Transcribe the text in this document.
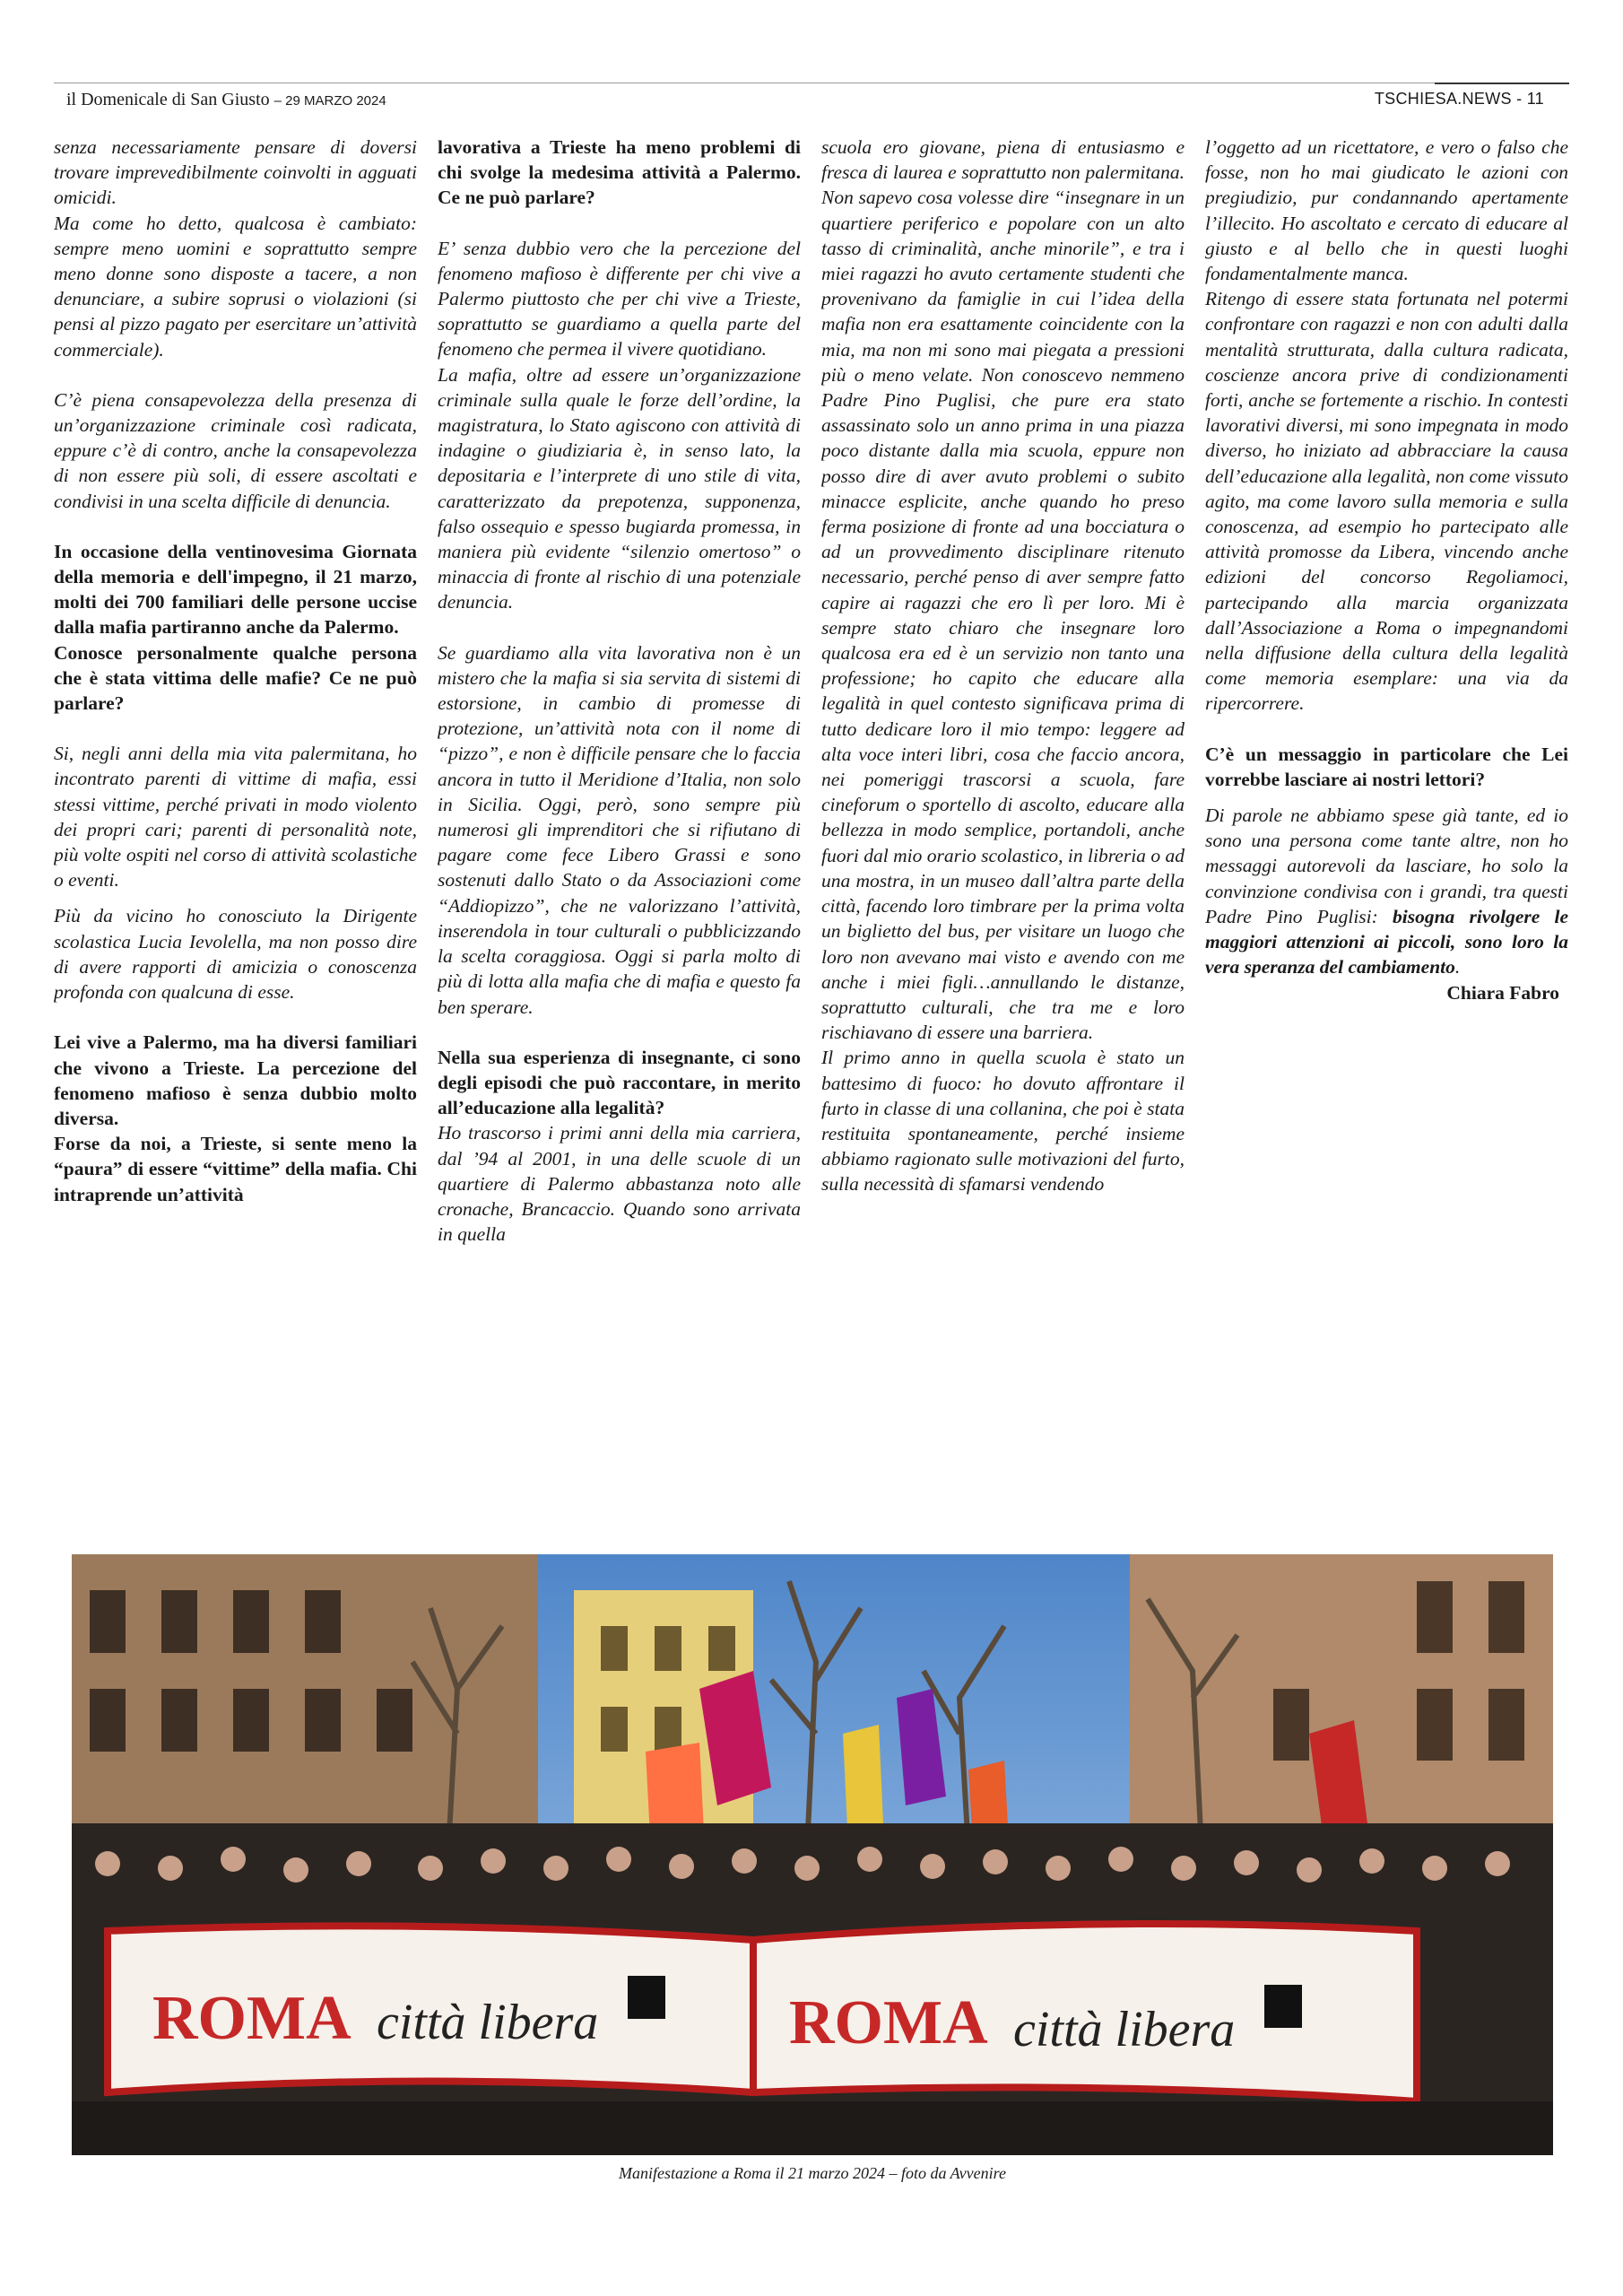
il Domenicale di San Giusto – 29 MARZO 2024	TSCHIESA.NEWS - 11

senza necessariamente pensare di doversi trovare imprevedibilmente coinvolti in agguati omicidi.

Ma come ho detto, qualcosa è cambiato: sempre meno uomini e soprattutto sempre meno donne sono disposte a tacere, a non denunciare, a subire soprusi o violazioni (si pensi al pizzo pagato per esercitare un’attività commerciale).

C’è piena consapevolezza della presenza di un’organizzazione criminale così radicata, eppure c’è di contro, anche la consapevolezza di non essere più soli, di essere ascoltati e condivisi in una scelta difficile di denuncia.

In occasione della ventinovesima Giornata della memoria e dell'impegno, il 21 marzo, molti dei 700 familiari delle persone uccise dalla mafia partiranno anche da Palermo.

Conosce personalmente qualche persona che è stata vittima delle mafie? Ce ne può parlare?

Si, negli anni della mia vita palermitana, ho incontrato parenti di vittime di mafia, essi stessi vittime, perché privati in modo violento dei propri cari; parenti di personalità note, più volte ospiti nel corso di attività scolastiche o eventi.

Più da vicino ho conosciuto la Dirigente scolastica Lucia Ievolella, ma non posso dire di avere rapporti di amicizia o conoscenza profonda con qualcuna di esse.

Lei vive a Palermo, ma ha diversi familiari che vivono a Trieste. La percezione del fenomeno mafioso è senza dubbio molto diversa.

Forse da noi, a Trieste, si sente meno la “paura” di essere “vittime” della mafia. Chi intraprende un’attività

lavorativa a Trieste ha meno problemi di chi svolge la medesima attività a Palermo. Ce ne può parlare?

E’ senza dubbio vero che la percezione del fenomeno mafioso è differente per chi vive a Palermo piuttosto che per chi vive a Trieste, soprattutto se guardiamo a quella parte del fenomeno che permea il vivere quotidiano.

La mafia, oltre ad essere un’organizzazione criminale sulla quale le forze dell’ordine, la magistratura, lo Stato agiscono con attività di indagine o giudiziaria è, in senso lato, la depositaria e l’interprete di uno stile di vita, caratterizzato da prepotenza, supponenza, falso ossequio e spesso bugiarda promessa, in maniera più evidente “silenzio omertoso” o minaccia di fronte al rischio di una potenziale denuncia.

Se guardiamo alla vita lavorativa non è un mistero che la mafia si sia servita di sistemi di estorsione, in cambio di promesse di protezione, un’attività nota con il nome di “pizzo”, e non è difficile pensare che lo faccia ancora in tutto il Meridione d’Italia, non solo in Sicilia. Oggi, però, sono sempre più numerosi gli imprenditori che si rifiutano di pagare come fece Libero Grassi e sono sostenuti dallo Stato o da Associazioni come “Addiopizzo”, che ne valorizzano l’attività, inserendola in tour culturali o pubblicizzando la scelta coraggiosa. Oggi si parla molto di più di lotta alla mafia che di mafia e questo fa ben sperare.

Nella sua esperienza di insegnante, ci sono degli episodi che può raccontare, in merito all’educazione alla legalità?

Ho trascorso i primi anni della mia carriera, dal ’94 al 2001, in una delle scuole di un quartiere di Palermo abbastanza noto alle cronache, Brancaccio. Quando sono arrivata in quella

scuola ero giovane, piena di entusiasmo e fresca di laurea e soprattutto non palermitana. Non sapevo cosa volesse dire “insegnare in un quartiere periferico e popolare con un alto tasso di criminalità, anche minorile”, e tra i miei ragazzi ho avuto certamente studenti che provenivano da famiglie in cui l’idea della mafia non era esattamente coincidente con la mia, ma non mi sono mai piegata a pressioni più o meno velate. Non conoscevo nemmeno Padre Pino Puglisi, che pure era stato assassinato solo un anno prima in una piazza poco distante dalla mia scuola, eppure non posso dire di aver avuto problemi o subito minacce esplicite, anche quando ho preso ferma posizione di fronte ad una bocciatura o ad un provvedimento disciplinare ritenuto necessario, perché penso di aver sempre fatto capire ai ragazzi che ero lì per loro. Mi è sempre stato chiaro che insegnare loro qualcosa era ed è un servizio non tanto una professione; ho capito che educare alla legalità in quel contesto significava prima di tutto dedicare loro il mio tempo: leggere ad alta voce interi libri, cosa che faccio ancora, nei pomeriggi trascorsi a scuola, fare cineforum o sportello di ascolto, educare alla bellezza in modo semplice, portandoli, anche fuori dal mio orario scolastico, in libreria o ad una mostra, in un museo dall’altra parte della città, facendo loro timbrare per la prima volta un biglietto del bus, per visitare un luogo che loro non avevano mai visto e avendo con me anche i miei figli…annullando le distanze, soprattutto culturali, che tra me e loro rischiavano di essere una barriera.

Il primo anno in quella scuola è stato un battesimo di fuoco: ho dovuto affrontare il furto in classe di una collanina, che poi è stata restituita spontaneamente, perché insieme abbiamo ragionato sulle motivazioni del furto, sulla necessità di sfamarsi vendendo

l’oggetto ad un ricettatore, e vero o falso che fosse, non ho mai giudicato le azioni con pregiudizio, pur condannando apertamente l’illecito. Ho ascoltato e cercato di educare al giusto e al bello che in questi luoghi fondamentalmente manca.

Ritengo di essere stata fortunata nel potermi confrontare con ragazzi e non con adulti dalla mentalità strutturata, dalla cultura radicata, coscienze ancora prive di condizionamenti forti, anche se fortemente a rischio. In contesti lavorativi diversi, mi sono impegnata in modo diverso, ho iniziato ad abbracciare la causa dell’educazione alla legalità, non come vissuto agito, ma come lavoro sulla memoria e sulla conoscenza, ad esempio ho partecipato alle attività promosse da Libera, vincendo anche edizioni del concorso Regoliamoci, partecipando alla marcia organizzata dall’Associazione a Roma o impegnandomi nella diffusione della cultura della legalità come memoria esemplare: una via da ripercorrere.

C’è un messaggio in particolare che Lei vorrebbe lasciare ai nostri lettori?

Di parole ne abbiamo spese già tante, ed io sono una persona come tante altre, non ho messaggi autorevoli da lasciare, ho solo la convinzione condivisa con i grandi, tra questi Padre Pino Puglisi: bisogna rivolgere le maggiori attenzioni ai piccoli, sono loro la vera speranza del cambiamento.

Chiara Fabro

ROMA città libera	ROMA città libera
Manifestazione a Roma il 21 marzo 2024 – foto da Avvenire
